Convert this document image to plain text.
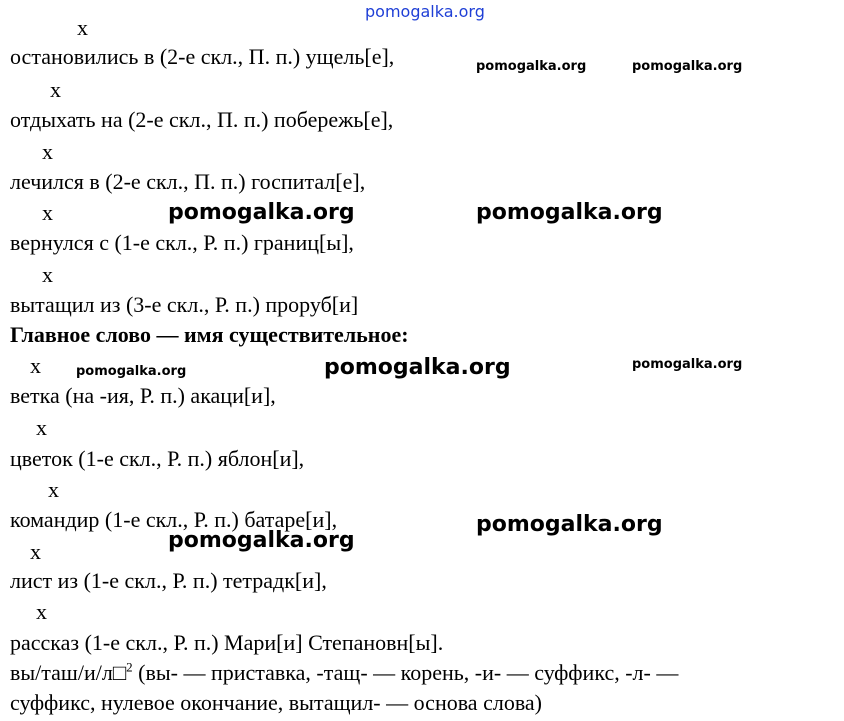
pomogalka.org
x
x
x
x
x
x
x
x
x
x
остановились в (2-е скл., П. п.) ущель[е],
отдыхать на (2-е скл., П. п.) побережь[е],
лечился в (2-е скл., П. п.) госпитал[е],
вернулся с (1-е скл., Р. п.) границ[ы],
вытащил из (3-е скл., Р. п.) проруб[и]
Главное слово — имя существительное:
ветка (на -ия, Р. п.) акаци[и],
цветок (1-е скл., Р. п.) яблон[и],
командир (1-е скл., Р. п.) батаре[и],
лист из (1-е скл., Р. п.) тетрадк[и],
рассказ (1-е скл., Р. п.) Мари[и] Степановн[ы].
вы/таш/и/л□$^2$ (вы- — приставка, -тащ- — корень, -и- — суффикс, -л- —
суффикс, нулевое окончание, вытащил- — основа слова)
pomogalka.org	pomogalka.org
pomogalka.org	pomogalka.org
pomogalka.org	pomogalka.org	pomogalka.org
pomogalka.org
pomogalka.org
